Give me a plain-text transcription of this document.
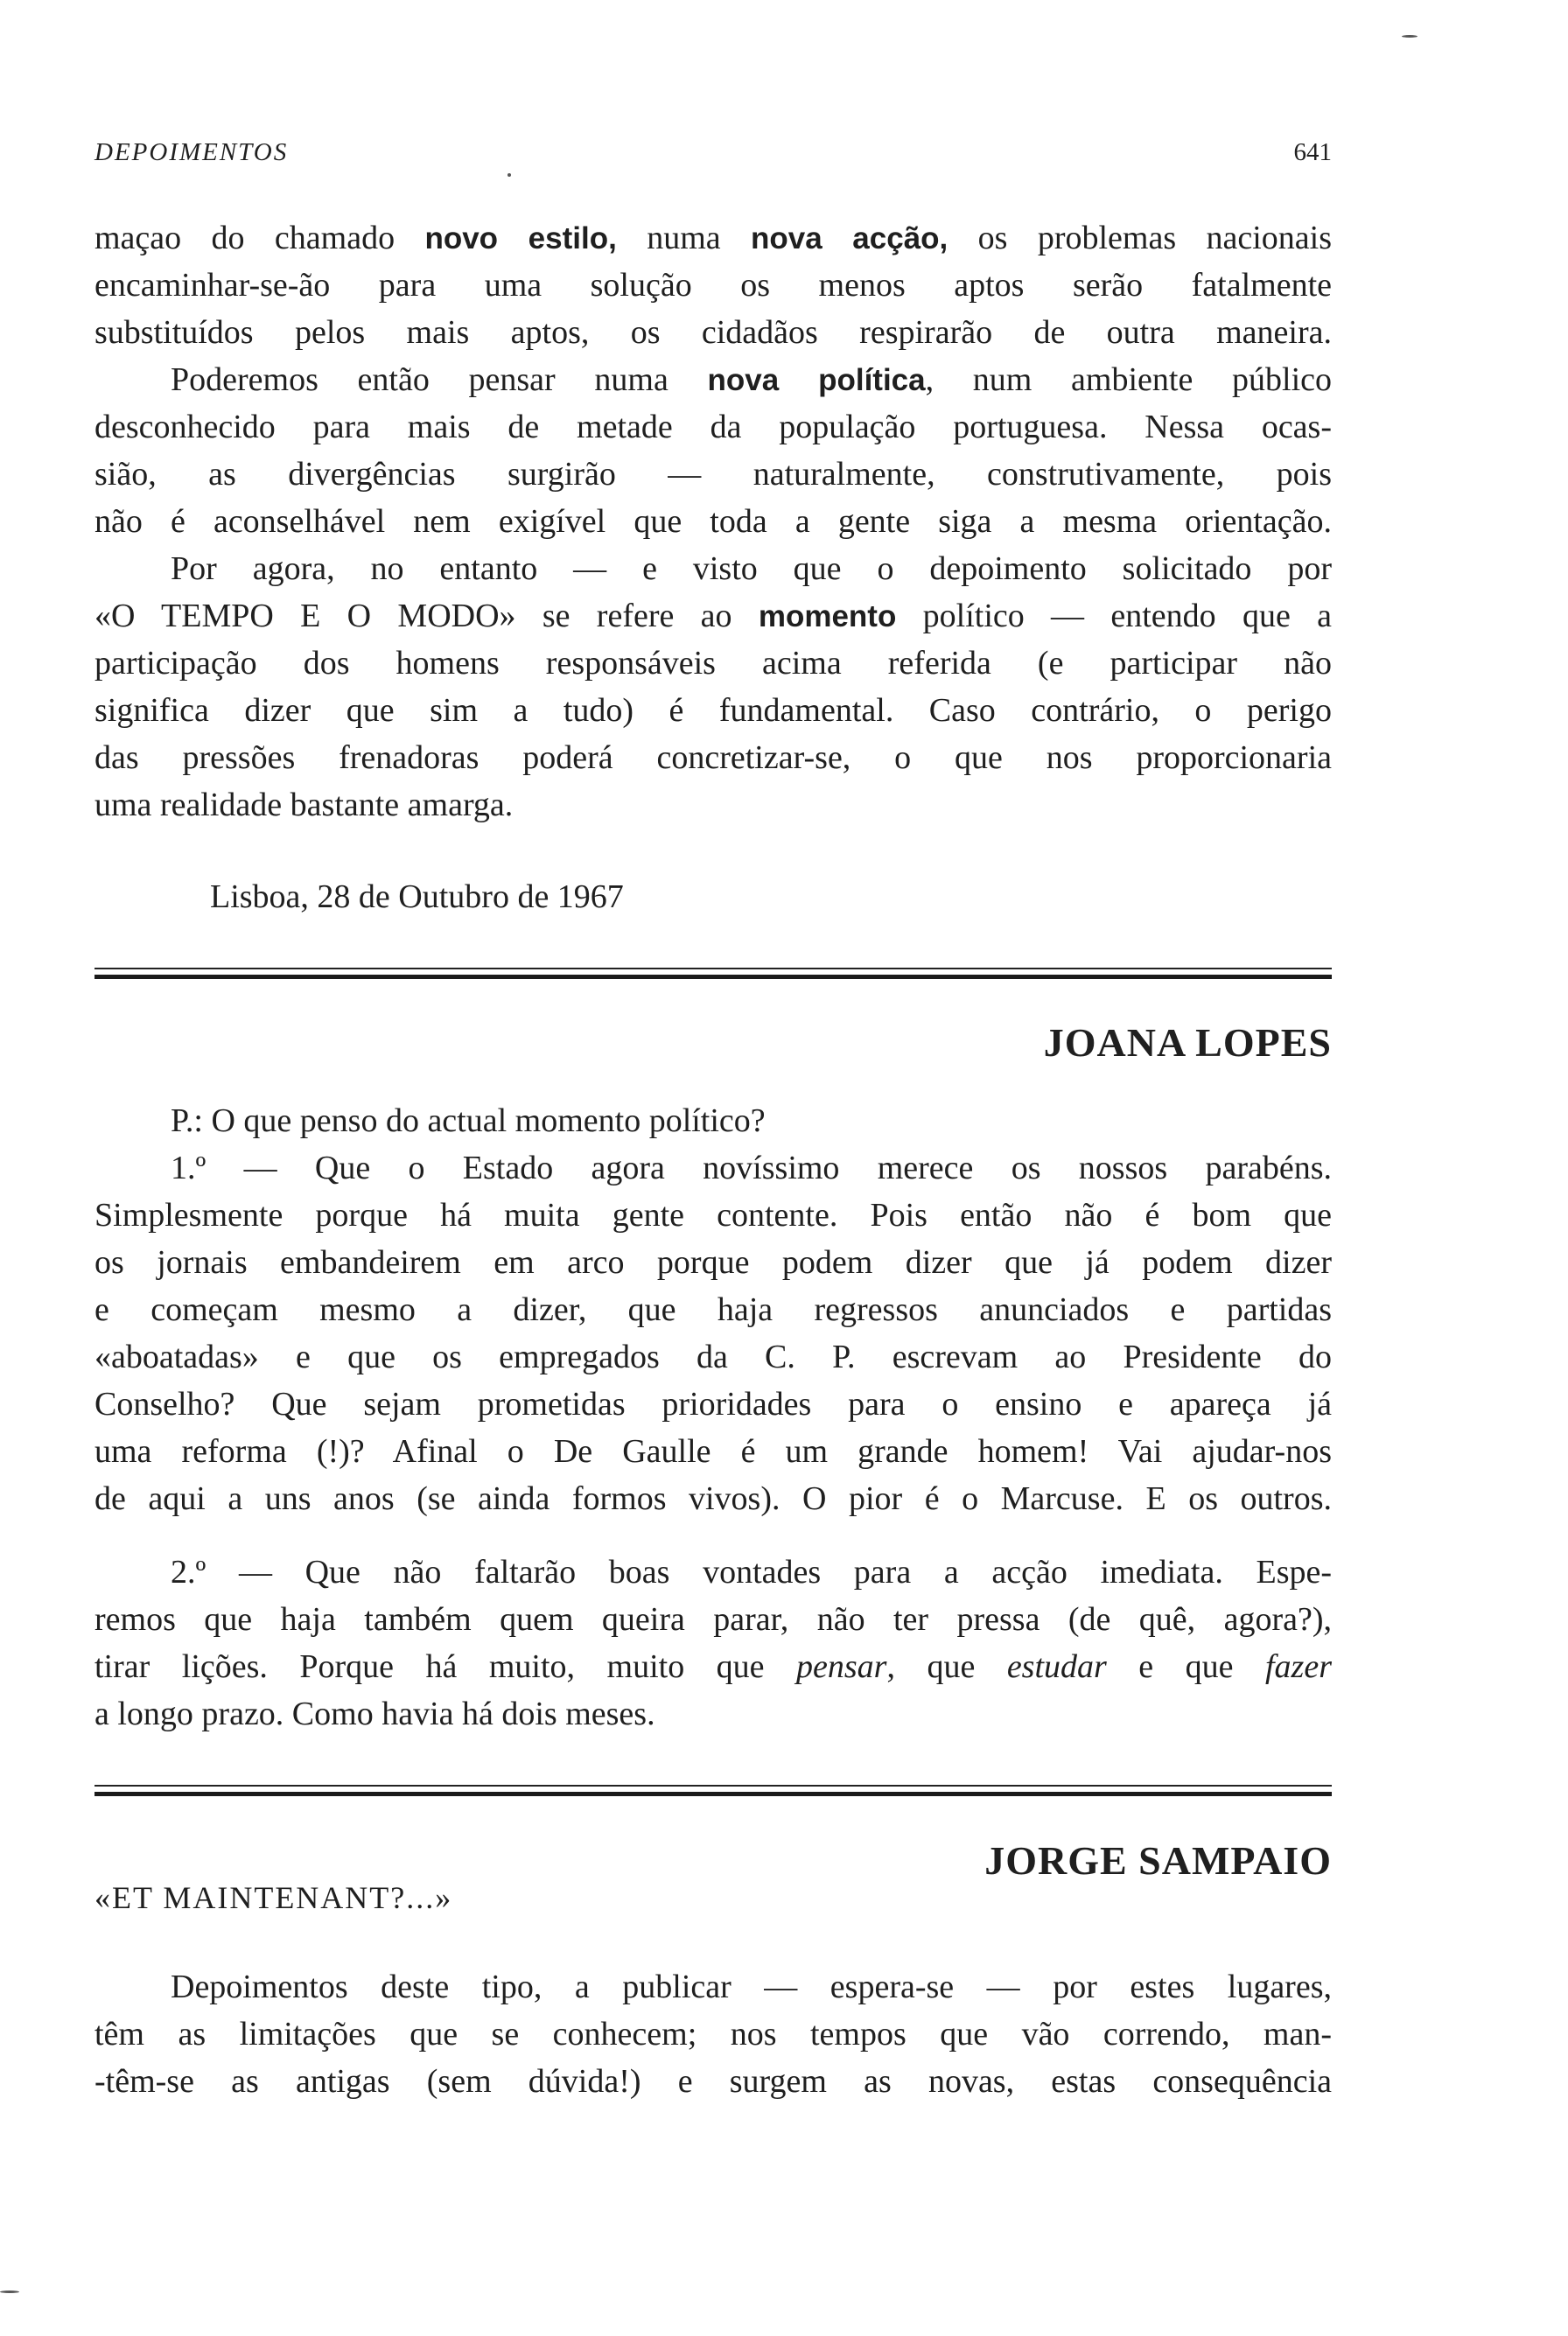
DEPOIMENTOS	641
maçao do chamado novo estilo, numa nova acção, os problemas nacionais
encaminhar-se-ão para uma solução os menos aptos serão fatalmente
substituídos pelos mais aptos, os cidadãos respirarão de outra maneira.
Poderemos então pensar numa nova política, num ambiente público
desconhecido para mais de metade da população portuguesa. Nessa ocas-
sião, as divergências surgirão — naturalmente, construtivamente, pois
não é aconselhável nem exigível que toda a gente siga a mesma orientação.
Por agora, no entanto — e visto que o depoimento solicitado por
«O TEMPO E O MODO» se refere ao momento político — entendo que a
participação dos homens responsáveis acima referida (e participar não
significa dizer que sim a tudo) é fundamental. Caso contrário, o perigo
das pressões frenadoras poderá concretizar-se, o que nos proporcionaria
uma realidade bastante amarga.
Lisboa, 28 de Outubro de 1967
JOANA LOPES
P.: O que penso do actual momento político?
1.º — Que o Estado agora novíssimo merece os nossos parabéns.
Simplesmente porque há muita gente contente. Pois então não é bom que
os jornais embandeirem em arco porque podem dizer que já podem dizer
e começam mesmo a dizer, que haja regressos anunciados e partidas
«aboatadas» e que os empregados da C. P. escrevam ao Presidente do
Conselho? Que sejam prometidas prioridades para o ensino e apareça já
uma reforma (!)? Afinal o De Gaulle é um grande homem! Vai ajudar-nos
de aqui a uns anos (se ainda formos vivos). O pior é o Marcuse. E os outros.
2.º — Que não faltarão boas vontades para a acção imediata. Espe-
remos que haja também quem queira parar, não ter pressa (de quê, agora?),
tirar lições. Porque há muito, muito que pensar, que estudar e que fazer
a longo prazo. Como havia há dois meses.
JORGE SAMPAIO
«ET MAINTENANT?...»
Depoimentos deste tipo, a publicar — espera-se — por estes lugares,
têm as limitações que se conhecem; nos tempos que vão correndo, man-
-têm-se as antigas (sem dúvida!) e surgem as novas, estas consequência
